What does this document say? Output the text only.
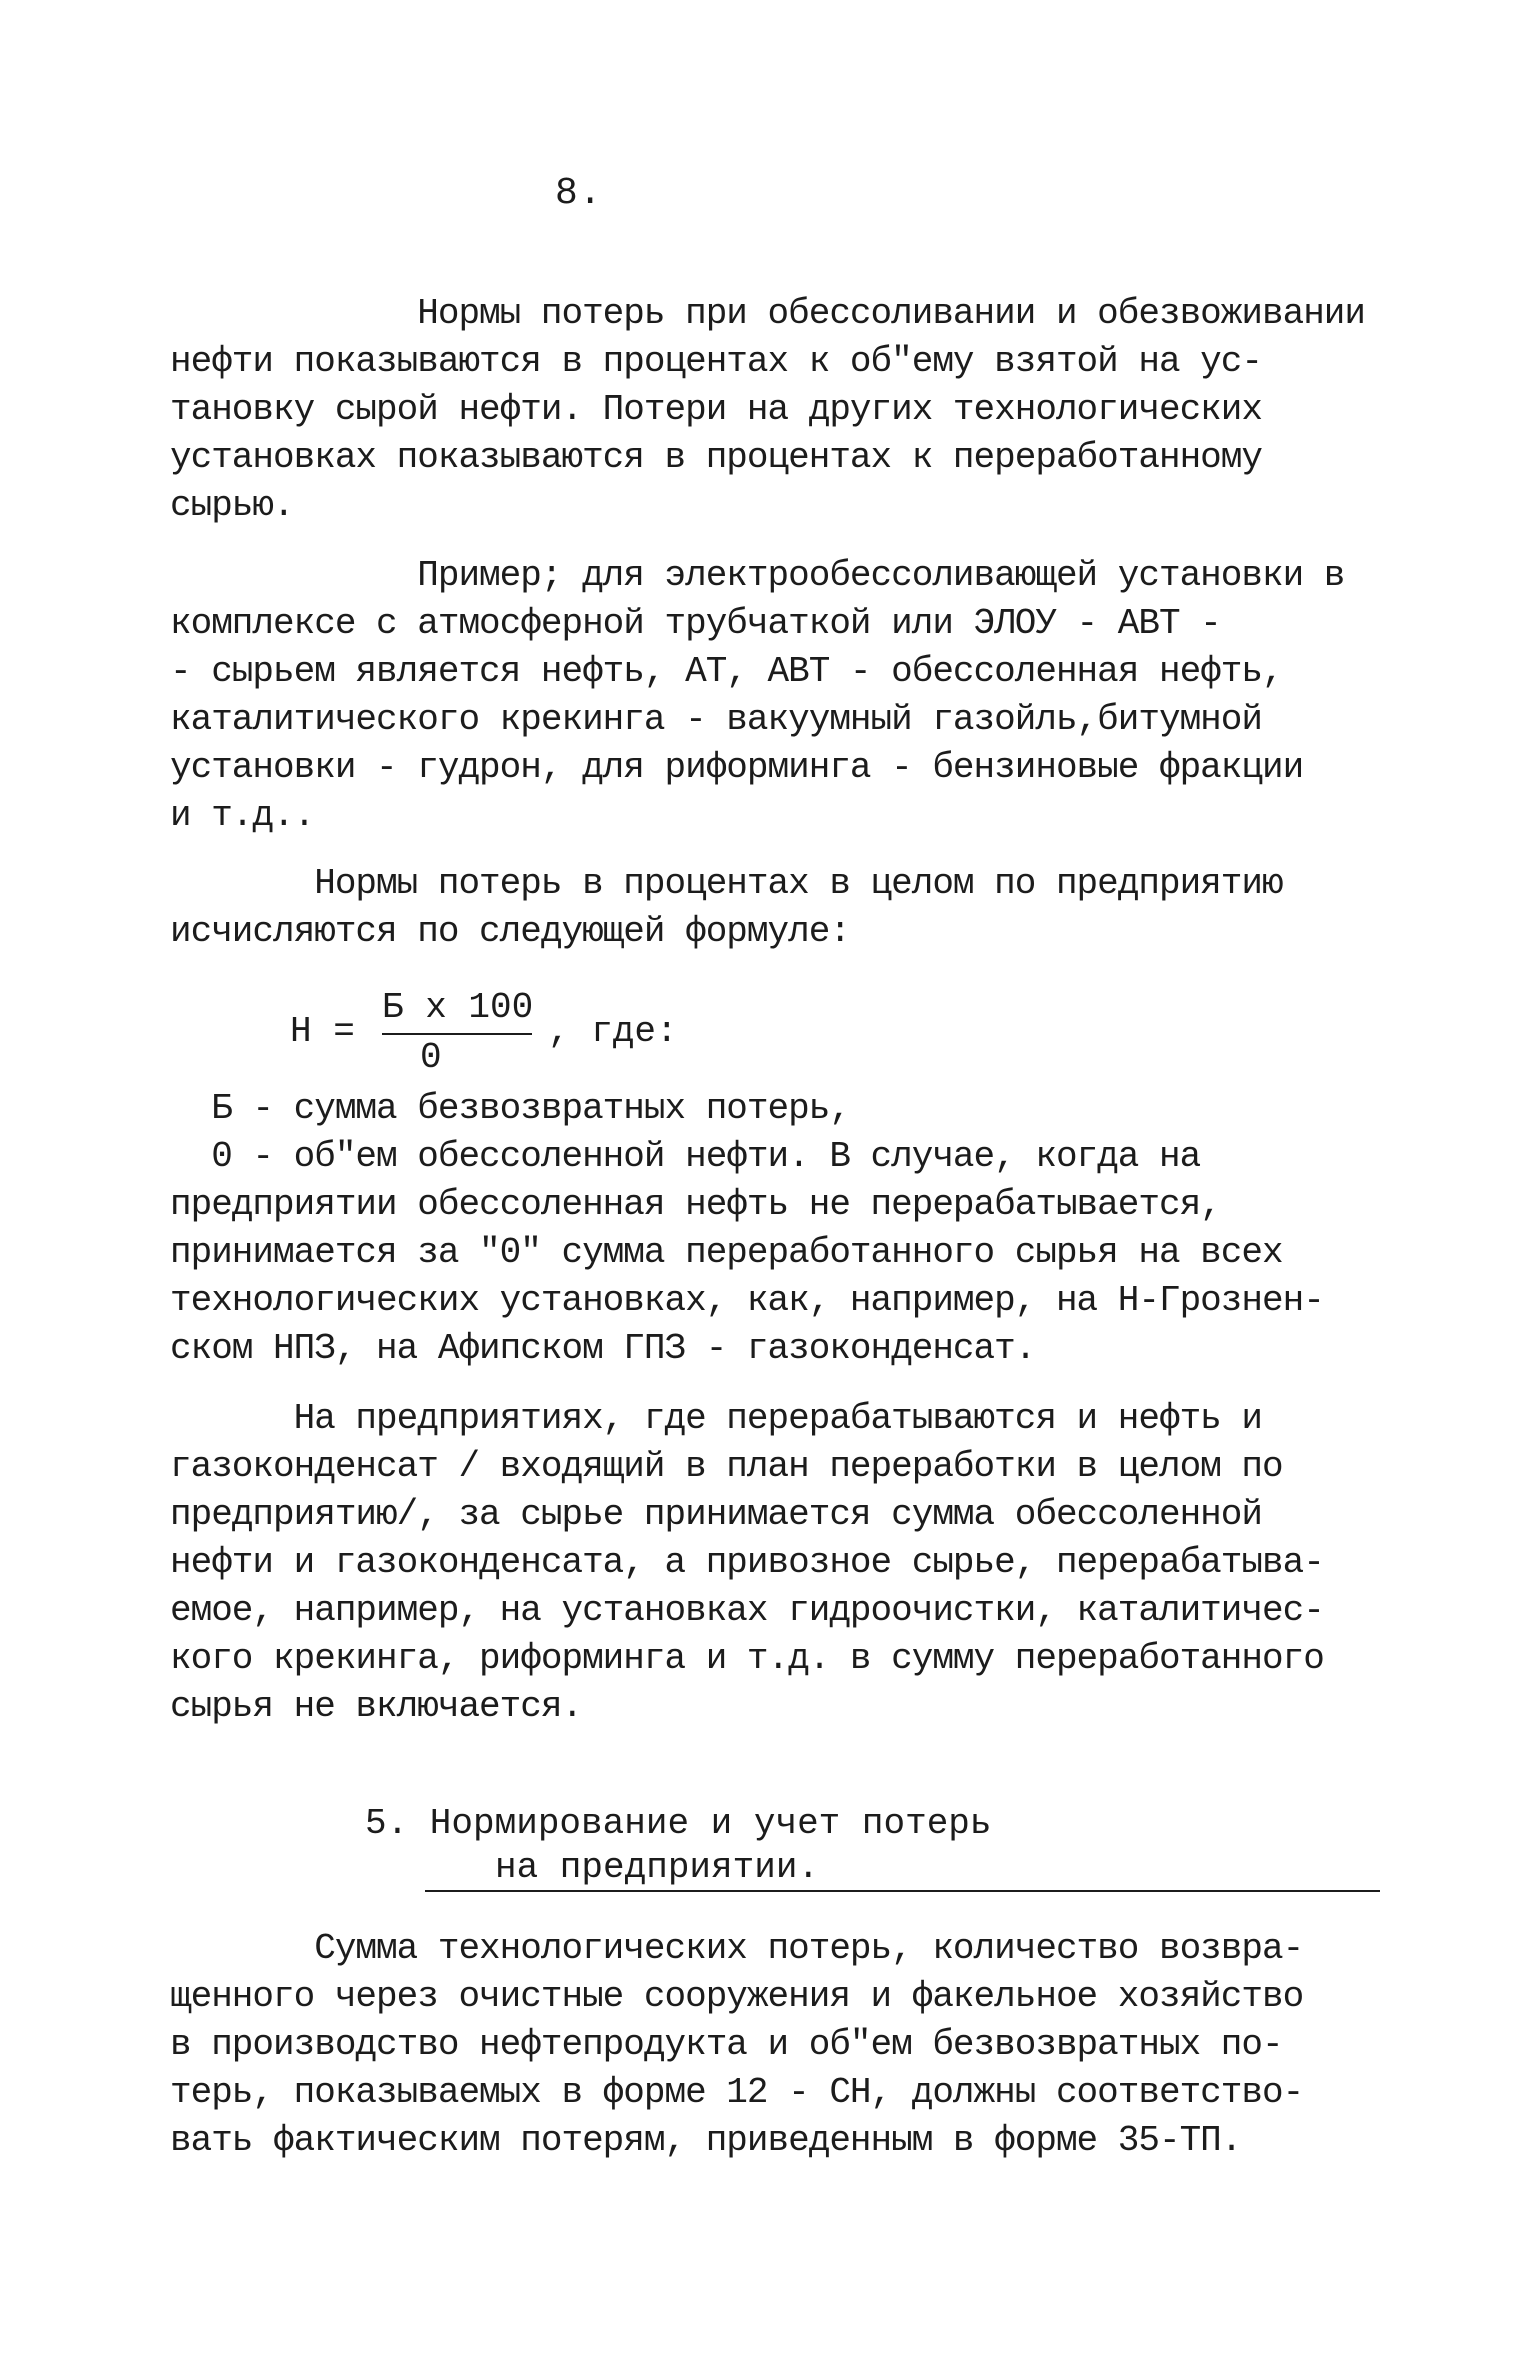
8.
Нормы потерь при обессоливании и обезвоживании
нефти показываются в процентах к об"ему взятой на ус-
тановку сырой нефти. Потери на других технологических
установках показываются в процентах к переработанному
сырью.
Пример; для электрообессоливающей установки в
комплексе с атмосферной трубчаткой или ЭЛОУ - АВТ -
- сырьем является нефть, АТ, АВТ - обессоленная нефть,
каталитического крекинга - вакуумный газойль,битумной
установки - гудрон, для риформинга - бензиновые фракции
и т.д..
Нормы потерь в процентах в целом по предприятию
исчисляются по следующей формуле:
Н =
Б х 100
0
, где:
Б - сумма безвозвратных потерь,
0 - об"ем обессоленной нефти. В случае, когда на
предприятии обессоленная нефть не перерабатывается,
принимается за "0" сумма переработанного сырья на всех
технологических установках, как, например, на Н-Грознен-
ском НПЗ, на Афипском ГПЗ - газоконденсат.
На предприятиях, где перерабатываются и нефть и
газоконденсат / входящий в план переработки в целом по
предприятию/, за сырье принимается сумма обессоленной
нефти и газоконденсата, а привозное сырье, перерабатыва-
емое, например, на установках гидроочистки, каталитичес-
кого крекинга, риформинга и т.д. в сумму переработанного
сырья не включается.
5. Нормирование и учет потерь
на предприятии.
Сумма технологических потерь, количество возвра-
щенного через очистные сооружения и факельное хозяйство
в производство нефтепродукта и об"ем безвозвратных по-
терь, показываемых в форме 12 - СН, должны соответство-
вать фактическим потерям, приведенным в форме 35-ТП.
